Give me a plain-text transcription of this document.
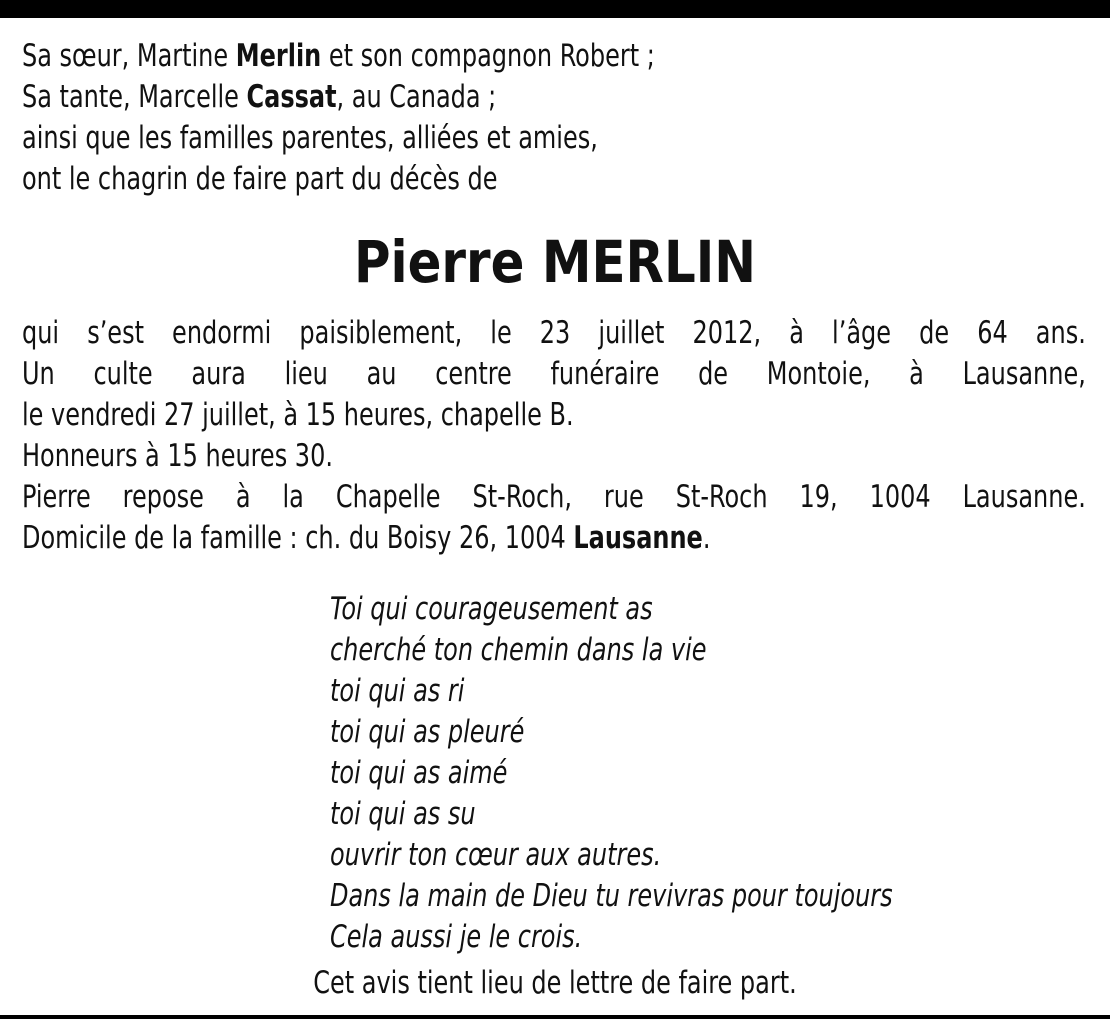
Sa sœur, Martine Merlin et son compagnon Robert ;
Sa tante, Marcelle Cassat, au Canada ;
ainsi que les familles parentes, alliées et amies,
ont le chagrin de faire part du décès de
Pierre MERLIN
qui s’est endormi paisiblement, le 23 juillet 2012, à l’âge de 64 ans.
Un culte aura lieu au centre funéraire de Montoie, à Lausanne,
le vendredi 27 juillet, à 15 heures, chapelle B.
Honneurs à 15 heures 30.
Pierre repose à la Chapelle St-Roch, rue St-Roch 19, 1004 Lausanne.
Domicile de la famille : ch. du Boisy 26, 1004 Lausanne.
Toi qui courageusement as
cherché ton chemin dans la vie
toi qui as ri
toi qui as pleuré
toi qui as aimé
toi qui as su
ouvrir ton cœur aux autres.
Dans la main de Dieu tu revivras pour toujours
Cela aussi je le crois.
Cet avis tient lieu de lettre de faire part.
